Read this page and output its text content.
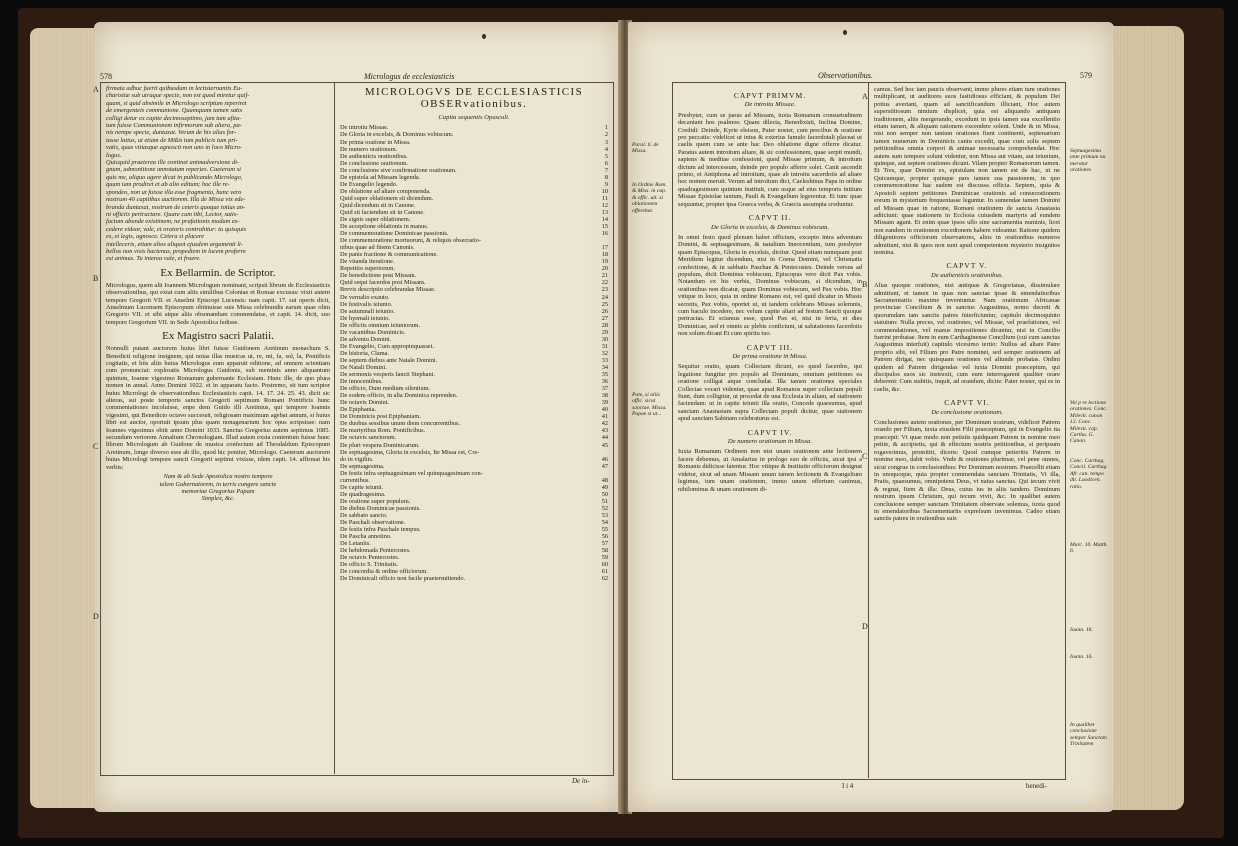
578	Micrologus de ecclesiasticis
A
B
C
D
firmata adhuc fuerit quibusdam in lectisternantis Eu-
charistiæ sub utraque specie, non est quod miretur quif-
quam, si quid absimile in Micrologo scriptum reperiret
de emergenteis communione. Quamquam tamen satis
colligi detur ex capite decimoseptimo, jam tum ufita-
tum fuisse Communionem infirmorum sub altera, pa-
nis nempe specie, duntaxat. Verum de his alias for-
tasse latius, ut etiam de Mißis tum publicis tum pri-
vatis, quas vitiasque agnoscit non uno in loco Micro-
logus.
Quicquid praeterea ille continet animadversione di-
gnum, admonitione annotatum reperies. Caeterum si
quis me, aliquo agere dicat in publicando Micrologo,
quum iam prodiret et ab alio editum; hoc ille re-
spondeo, non ut fuisse illa esse fragmenta, hunc vero
nostrum 40 capitibus auctiorem. Illa de Missa vix ede-
branda duntaxat, nostrum de ceteris quoque totius an-
ni officiis pertractare. Quare cum tibi, Lector, satis-
factum abunde existimem, ne prafationis modum ex-
cedere videar, vale, et oratoris contrahitur: tu quisquis
es, et legis, agnosce. Cetera si placere
intelleceris, etiam alios aliquot ejusdem argumenti li-
bellos non visis hactenus, propediem in lucem proferre
est animus. Tu interea vale, et fruere.
Ex Bellarmin. de Scriptor.

Micrologus, quem alii Ioannem Micrologum nominant, scripsit librum de Ecclesiasticis observationibus, qui extat cum aliis similibus Coloniae et Romae excusus: vixit autem tempore Gregorii VII. et Anselmi Episcopi Lucensis: nam capit. 17. sui operis dicit, Anselmum Lucensem Episcopum obtinuisse suis Missa celebrandis earum quae olim Gregorio VII. et sibi atque aliis obsonandum commendatse, et capit. 14. dicit, suo tempore Gregorium VII. in Sede Apostolica fedisse.

Ex Magistro sacri Palatii.

Nonnulli putant auctorem huius libri fuisse Guidonem Aretinum monachum S. Benedicti religione insignem, qui notas illas musicas ut, re, mi, fa, sol, la, Pontificis cogitatis, et hiis aliis huius Micrologus eum apparuit editione, ad omnem scientiam cum pronunciat: exploratis Micrologus Guidonis, sub meminis anno aliquantum quintum, Ioanne vigesimo Romanum gubernante Ecclesiam. Hunc ille, de quo plura nomen in annal. Anno Domini 1022. et in apparatu facto. Postremo, sit tum scriptor huius Micrologi de observationibus Ecclesiasticis capit. 14. 17. 24. 25. 43. dicit sic alteras, sui poste temporis sanctos Gregorii septimum Romani Pontificis hunc commentationes incoluisse, enpe dem Guido illi Aretinius, qui tempore Ioannis vigesimi, qui Benedicto octavo successit, religiosam maximum agebat annum, si huius libri est auctor, oportuit ipsum plus quam nonagenarium hoc opus scripsisse: nam Ioannes vigesimus obiit anno Domini 1033. Sanctus Gregorius autem septimus 1085. secundum veriorem Annalium Chronologiam. Illud autem exsta contentum fuisse hunc librum Micrologum ab Guidone de musica confectum ad Theodaldum Episcopum Aretinum, longe diverso esse ab illo, quod hic ponitur, Micrologo. Caeterum auctorem huius Micrologi tempore sancti Gregorii septimi vixisse, idem capit. 14. affirmat his verbis:

Nam & ab Sede Apostolica nostro tempore
talem Gubernatorem, in terris cungere sancte
memoriae Gregorius Papam
Simplex, &c.
MICROLOGVS DE ECCLESIASTICIS OBSERvationibus.
Capita sequentis Opusculi.
De introitu Missae.	1
De Gloria in excelsis, & Dominus vobiscum.	2
De prima oratione in Missa.	3
De numero orationum.	4
De authenticis orationibus.	5
De conclusione orationum.	6
De conclusione sive confirmatione orationum.	7
De epistola ad Missam legenda.	8
De Evangelio legendo.	9
De oblatione ad altare componenda.	10
Quid super oblationem sit dicendum.	11
Quid dicendum sit in Canone.	12
Quid sit faciendum sit in Canone.	13
De signis super oblationem.	14
De acceptione oblationis in manus.	15
De commemoratione Dominicae passionis.	16
De commemoratione mortuorum, & reliquis obsecratio-
nibus quae ad finem Canonis.	17
De panis fractione & communicatione.	18
De vitanda iteratione.	19
Repetitio superiorum.	20
De benedictione post Missam.	21
Quid sequi facerdos post Missam.	22
Brevis descriptio celebrandae Missae.	23
De vernalio exauto.	24
De festivalis ieiunio.	25
De autumnali ieiunio.	26
De hyemali ieiunio.	27
De officiis omnium ieiuniorum.	28
De vacantibus Dominicis.	29
De adventu Domini.	30
De Evangelio, Cum appropinquasset.	31
De historia, Clama.	32
De septem diebus ante Natale Domini.	33
De Natali Domini.	34
De sermonis vesperis fancti Stephani.	35
De innocentibus.	36
De officio, Dum medium silentium.	37
De eodem officio, in alia Dominica reprenden.	38
De octavis Domini.	39
De Epiphania.	40
De Dominicis post Epiphaniam.	41
De duobus sessibus unum diem concurrentibus.	42
De martyribus Rom. Pontificibus.	43
De octavis sanctorum.	44
De pluri vespera Dominicarum.	45
De septuagesima, Gloria in excelsis, Ite Missa est, Cre-
do in vigiliis.	46
De septuagesima.	47
De festis infra septuagesimam vel quinquagesimam con-
currentibus.	48
De capite ieiunii.	49
De quadragesima.	50
De oratione super populum.	51
De diebus Dominicae passionis.	52
De sabbato sancto.	53
De Paschali observatione.	54
De festis infra Paschale tempus.	55
De Pascha annotino.	56
De Letaniis.	57
De hebdomada Pentecostes.	58
De octavis Pentecostes.	59
De officio S. Trinitatis.	60
De concordia & ordine officiorum.	61
De Dominicali officio non facile praetermittendo.	62
De in-
Observationibus.	579
Paral. li. de Missa.
In Ordine Rom. & Miss. in cap. & offic. ult. si oblationem offerebat.
Pate, si aliis offic. sicut sanctae. Missa. Papae si ut...
Septuagesima ante primum nu meratur orationes
Vel p re lectione orationes. Conc. Milevit. canon 12. Conc. Milevit. cap. Cartha. G. Canon.
Conc. Carthag. Concil. Carthag. Afr. can. tempo dit. Laodicen. ratio.
Marc. 10. Matth. 6.
Ioann. 16.
Ioann. 16.
In qualibet conclusione semper Sanctam Trinitatem
A
B
C
D
CAPVT PRIMVM.
De introitu Missae.

Presbyter, cum se paras ad Missam, iuxta Romanum consuetudinem decantant hos psalmos: Quam dilecta, Benedixisti, Inclina Domine, Credidi: Deinde, Kyrie eleison, Pater noster, cum precibus & oratione pro peccatis: videlicet ut intus & exterius famulo facerdotali placeat ut caelis quem cum se ante hac Deo oblatione digne offerre dicatur. Paratus autem introitum altare, & sic confessionem, quae serpit mundi, sapiens & meditae confessioni, quod Missae primum, & introitum dictum ad intercessum, deinde pro populo afferre solet. Canit ascendit primo, et Antiphona ad introitum, quae ab introitu sacerdotis ad altare hoc nomen meruit. Verum ad introitum dici, Caeleshinus Papa in ordine quadragesimum quintum instituit, cum usque ad eius temporis initium Missae Epistolae tantum, Pauli & Evangelium legerentur. Et tunc quae sequuntur, propter ipsa Graeca verba, & Graecis assumpta creduntur.

CAPVT II.
De Gloria in excelsis, & Dominus vobiscum.

In omni festo quod plenum habet officium, excepto intra adventum Domini, & septuagesimam, & natalium Innocentium, tum presbyter quam Episcopus, Gloria in excelsis, dicitur. Quod etiam numquam post Meridiem legitur dicendum, nisi in Coena Domini, vel Chrismatis confectione, & in sabbatis Paschae & Pentecostes. Deinde versus ad populum, dicit Dominus vobiscum. Episcopus vero dicit Pax vobis. Notandum ex his verbis, Dominus vobiscum, si dicendum, in orationibus non dicatur, quam Dominus vobiscum, sed Pax vobis. Hoc vitique in loco, quia in ordine Romano est, vel quid dicatur in Missis secretis, Pax vobis, oportet ut, ut tandem celebrans Missas solemnis, cum baculo incedere, nec velum capite altari ad festum Sancti quoque pertractas. Et sciamus esse, quod Pax et, nisi in feria, et dies Dominicae, sed et omnis ac plebis conficiunt, ut salutationes facerdotis non solum dicant Et cum spiritu tuo.

CAPVT III.
De prima oratione in Missa.

Sequitur oratio, quam Collectam dicunt, eo quod facerdos, qui legatione fungitur pro populo ad Dominum, omnium petitiones ea oratione colligat atque concludat. Illa tamen orationes speciales Collectae vocari videntur, quae apud Romanos super collectam populi fiunt, dum colligitur, ut procedat de una Ecclesia in aliam, ad stationem faciendam: ut in capite ieiunii illa oratio, Concede quaesumus, apud sanctam Anastasiam supra Collectam populi dicitur, quae stationem apud sanctam Sabinam celebraturus est.

CAPVT IV.
De numero orationum in Missa.

Iuxta Romanum Ordinem non nisi unam orationem ante lectionem facere debemus, ut Amalarius in prologo suo de officiis, sicut ipsi a Romanis didicisse fatentur. Hoc vitique & institutio officiorum designat videtur, sicut ad unam Missam unum tamen lectionem & Evangelium legimus, tum unam orationem, immo unum offertum canimus, nihilominus & unam orationem di-

camus. Sed hoc iam paucis observant; immo plures etiam tum orationes multiplicant, ut auditores suos fastidiosus efficiant, & populum Dei potius avertant, quam ad sanctificandum illiciant, Hoc autem superstitiosum nimium displicet, quia est aliquando antiquam traditionem, aliis mergerando, excedunt in ipsis tamen sua excellentio etiam tamen, & aliquam rationem excendere solent. Unde & in Missa, nisi non semper non tantum orationes fiunt continenti, septenarium tamen numerum in Dominicis cantu excedit, quae cum solis septem petitionibus omnia corpori & animae necessaria comprehendat. Hoc autem sum tempore soluni videntur, non Missa aut vitam, aut ieiunium, quinque, aut septem orationes dicunt. Vilam propter Romanorum tamen. Et Tres, quae Domini ex, epistulam non tamen est de hac, ut ne Quicumque, propter quinque pars tamen sua passionem, in quo commemoratione hac eadem est discussa officia. Septem, quia & Apostoli septem petitiones Dominicae orationis ad consecrationem eorum in mysterium frequentasse leguntur. In sumendae tamen Domini ad Missam quae in ratione, Romani orationem de sancta Anastasia adiiciunt: quae stationem in Ecclesia cuiusdem martyris ad eundem Missam agunt. Et enim quae ipsos ullo sine sacramentia numinis, licet non eandem in orationem excedionem habere videantur. Ratione quidem diligentiores officiorum observatores, alios in orationibus numeros admittunt, nisi & quos non sunt apud competentem mysterio insignitos nomina.

CAPVT V.
De authenticis orationibus.

Alias quoque orationes, nisi antiquas & Gregorianas, dissimulare admittunt, et tamen in quas non sanctae ipsae & emendatioribus Sacramentariis maxime inveniuntur. Nam orationum Africanae provinciae Concilium & in sanctus Augustinus, nomo decreti & quorumdam iam sanctis patres interficiuntur, capitulo decimoquinto statutum: Nulla preces, vel orationes, vel Missae, vel praefationes, vel commendationes, vel manus impositiones dicuntur, nisi in Concilio fuerint probatae. Item in eum Carthaginense Concilium (cui cum sanctus Augustinus interfuit) capitulo vicesimo tertio: Nullus ad altare Patre proprio sibi, vel Filium pro Patre nominet, sed semper orationem ad Patrem dirigat, nec quisquam orationes vel aliunde probatas. Ordini quidem ad Patrem dirigendas vel iuxta Domini praeceptum, qui discipulos suos sic instruxit, cum eum interrogarent qualiter orare deberent: Cum stabitis, inquit, ad orandum, dicite: Pater noster, qui es in caelis, &c.

CAPVT VI.
De conclusione orationum.

Conclusiones autem orationes, per Dominum nostrum, videlicet Patrem orando per Filium, iuxta eiusdem Filii praeceptum, qui in Evangelio ita praecepit: Vt quae modo non petistis quidquam Patrem in nomine meo petite, & accipietis, qui & effectum nostris petitionibus, si peripsum rogaverimus, promittit, dicens: Quod cumque petieritis Patrem in nomine meo, dabit vobis. Vnde & orationes plurimae, vel pene omnes, sicut congrue in conclusionibus: Per Dominum nostrum. Praecellit etiam in unoquoque, quia propter commendata sanctam Trinitatis, Vt illa, Pratis, quaesumus, omnipotens Deus, vt natus sanctus. Qui tecum vivit & regnat, Item & illa: Deus, cuius ius in aliis tandem. Dominum nostrum ipsum Christum, qui tecum vivit, &c. In qualibet autem conclusione semper sanctam Trinitatem observate solemus, iuxta quod in emendatoribus Sacramentariis exprefsum invenimus. Cadeo etiam sanctis patres in orationibus suis

I i 4	benedi-
